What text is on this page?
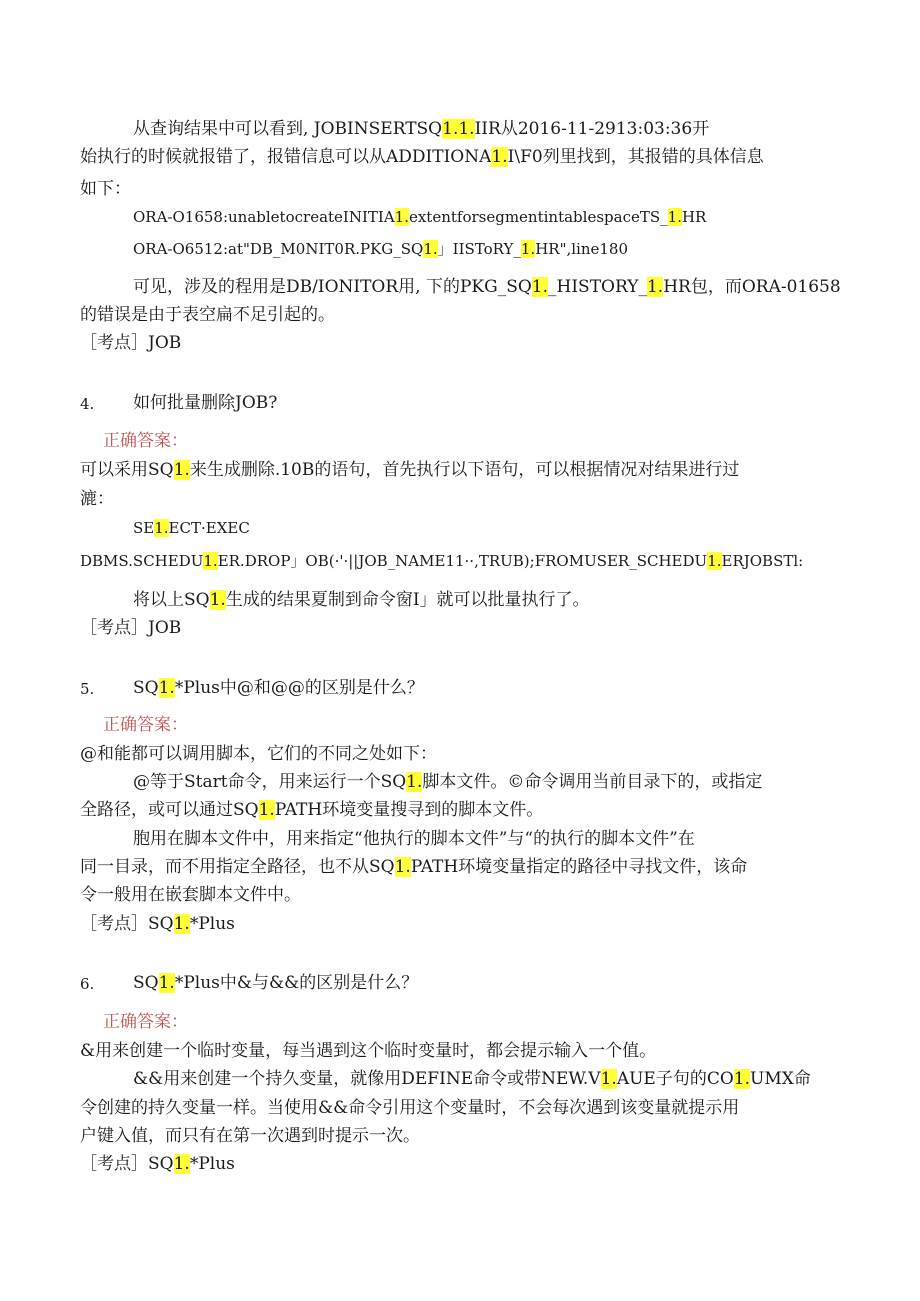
从查询结果中可以看到, JOBINSERTSQ1.1.IIR从2016-11-2913:03:36开
始执行的时候就报错了，报错信息可以从ADDITIONA1.I\F0列里找到，其报错的具体信息
如下：
ORA-O1658:unabletocreateINITIA1.extentforsegmentintablespaceTS_1.HR
ORA-O6512:at"DB_M0NIT0R.PKG_SQ1.」IISToRY_1.HR",line180
可见，涉及的程用是DB/IONITOR用, 下的PKG_SQ1._HISTORY_1.HR包，而ORA-01658
的错误是由于表空扁不足引起的。
［考点］JOB
4. 如何批量删除JOB?
正确答案：
可以采用SQ1.来生成删除.10B的语句，首先执行以下语句，可以根据情况对结果进行过
漉：
SE1.ECT·EXEC
DBMS.SCHEDU1.ER.DROP」OB(·'·||JOB_NAME11··,TRUB);FROMUSER_SCHEDU1.ERJOBSTl:
将以上SQ1.生成的结果夏制到命令窗I」就可以批量执行了。
［考点］JOB
5. SQ1.*Plus中@和@@的区别是什么？
正确答案：
@和能都可以调用脚本，它们的不同之处如下：
@等于Start命令，用来运行一个SQ1.脚本文件。©命令调用当前目录下的，或指定
全路径，或可以通过SQ1.PATH环境变量搜寻到的脚本文件。
胞用在脚本文件中，用来指定“他执行的脚本文件”与“的执行的脚本文件”在
同一目录，而不用指定全路径，也不从SQ1.PATH环境变量指定的路径中寻找文件，该命
令一般用在嵌套脚本文件中。
［考点］SQ1.*Plus
6. SQ1.*Plus中&与&&的区别是什么？
正确答案：
&用来创建一个临时变量，每当遇到这个临时变量时，都会提示输入一个值。
&&用来创建一个持久变量，就像用DEFINE命令或带NEW.V1.AUE子句的CO1.UMX命
令创建的持久变量一样。当使用&&命令引用这个变量时，不会每次遇到该变量就提示用
户键入值，而只有在第一次遇到时提示一次。
［考点］SQ1.*Plus
